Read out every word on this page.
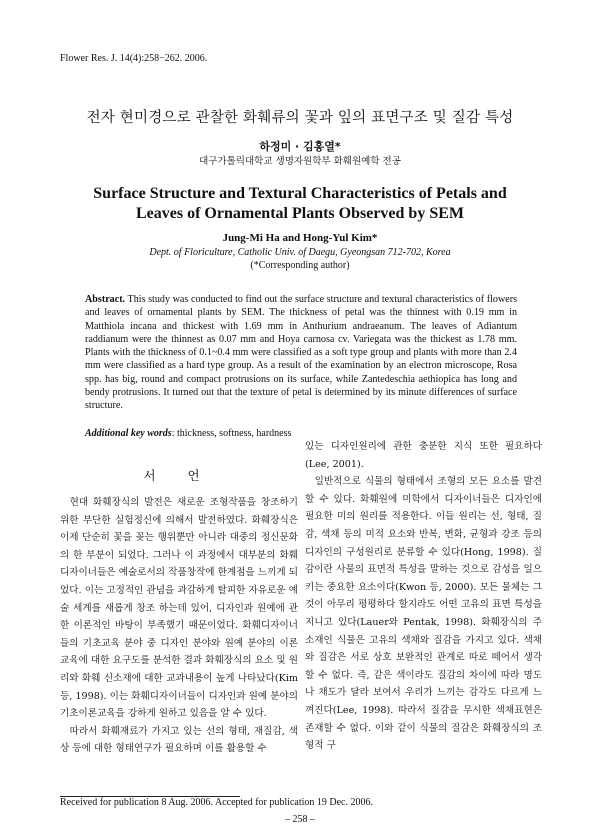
Flower Res. J. 14(4):258−262. 2006.
전자 현미경으로 관찰한 화훼류의 꽃과 잎의 표면구조 및 질감 특성
하정미 · 김홍열*
대구가톨릭대학교 생명자원학부 화훼원예학 전공
Surface Structure and Textural Characteristics of Petals and Leaves of Ornamental Plants Observed by SEM
Jung-Mi Ha and Hong-Yul Kim*
Dept. of Floriculture, Catholic Univ. of Daegu, Gyeongsan 712-702, Korea
(*Corresponding author)
Abstract. This study was conducted to find out the surface structure and textural characteristics of flowers and leaves of ornamental plants by SEM. The thickness of petal was the thinnest with 0.19 mm in Matthiola incana and thickest with 1.69 mm in Anthurium andraeanum. The leaves of Adiantum raddianum were the thinnest as 0.07 mm and Hoya carnosa cv. Variegata was the thickest as 1.78 mm. Plants with the thickness of 0.1~0.4 mm were classified as a soft type group and plants with more than 2.4 mm were classified as a hard type group. As a result of the examination by an electron microscope, Rosa spp. has big, round and compact protrusions on its surface, while Zantedeschia aethiopica has long and bendy protrusions. It turned out that the texture of petal is determined by its minute differences of surface structure.
Additional key words: thickness, softness, hardness
서 언

현대 화훼장식의 발전은 새로운 조형작품을 창조하기 위한 부단한 실험정신에 의해서 발전하였다. 화훼장식은 이제 단순히 꽃을 꽂는 행위뿐만 아니라 대중의 정신문화의 한 부분이 되었다. 그러나 이 과정에서 대부분의 화훼디자이너들은 예술로서의 작품창작에 한계점을 느끼게 되었다. 이는 고정적인 관념을 과감하게 탈피한 자유로운 예술 세계를 새롭게 창조 하는데 있어, 디자인과 원예에 관한 이론적인 바탕이 부족했기 때문이었다. 화훼디자이너들의 기초교육 분야 중 디자인 분야와 원예 분야의 이론 교육에 대한 요구도를 분석한 결과 화훼장식의 요소 및 원리와 화훼 신소재에 대한 교과내용이 높게 나타났다(Kim 등, 1998). 이는 화훼디자이너들이 디자인과 원예 분야의 기초이론교육을 강하게 원하고 있음을 알 수 있다.

따라서 화훼재료가 가지고 있는 선의 형태, 재질감, 색상 등에 대한 형태연구가 필요하며 이를 활용할 수

있는 디자인원리에 관한 충분한 지식 또한 필요하다(Lee, 2001).

일반적으로 식물의 형태에서 조형의 모든 요소를 발견할 수 있다. 화훼원에 미학에서 디자이너들은 디자인에 필요한 미의 원리를 적용한다. 이들 원리는 선, 형태, 질감, 색채 등의 미적 요소와 반복, 변화, 균형과 강조 등의 디자인의 구성원리로 분류할 수 있다(Hong, 1998). 질감이란 사물의 표면적 특성을 말하는 것으로 감성을 일으키는 중요한 요소이다(Kwon 등, 2000). 모든 물체는 그것이 아무리 평평하다 할지라도 어떤 고유의 표면 특성을 지니고 있다(Lauer와 Pentak, 1998). 화훼장식의 주 소재인 식물은 고유의 색채와 질감을 가지고 있다. 색채와 질감은 서로 상호 보완적인 관계로 따로 떼어서 생각할 수 없다. 즉, 같은 색이라도 질감의 차이에 따라 명도나 채도가 달라 보여서 우리가 느끼는 감각도 다르게 느껴진다(Lee, 1998). 따라서 질감을 무시한 색채표현은 존재할 수 없다. 이와 같이 식물의 질감은 화훼장식의 조형적 구

Received for publication 8 Aug. 2006. Accepted for publication 19 Dec. 2006.
– 258 –
